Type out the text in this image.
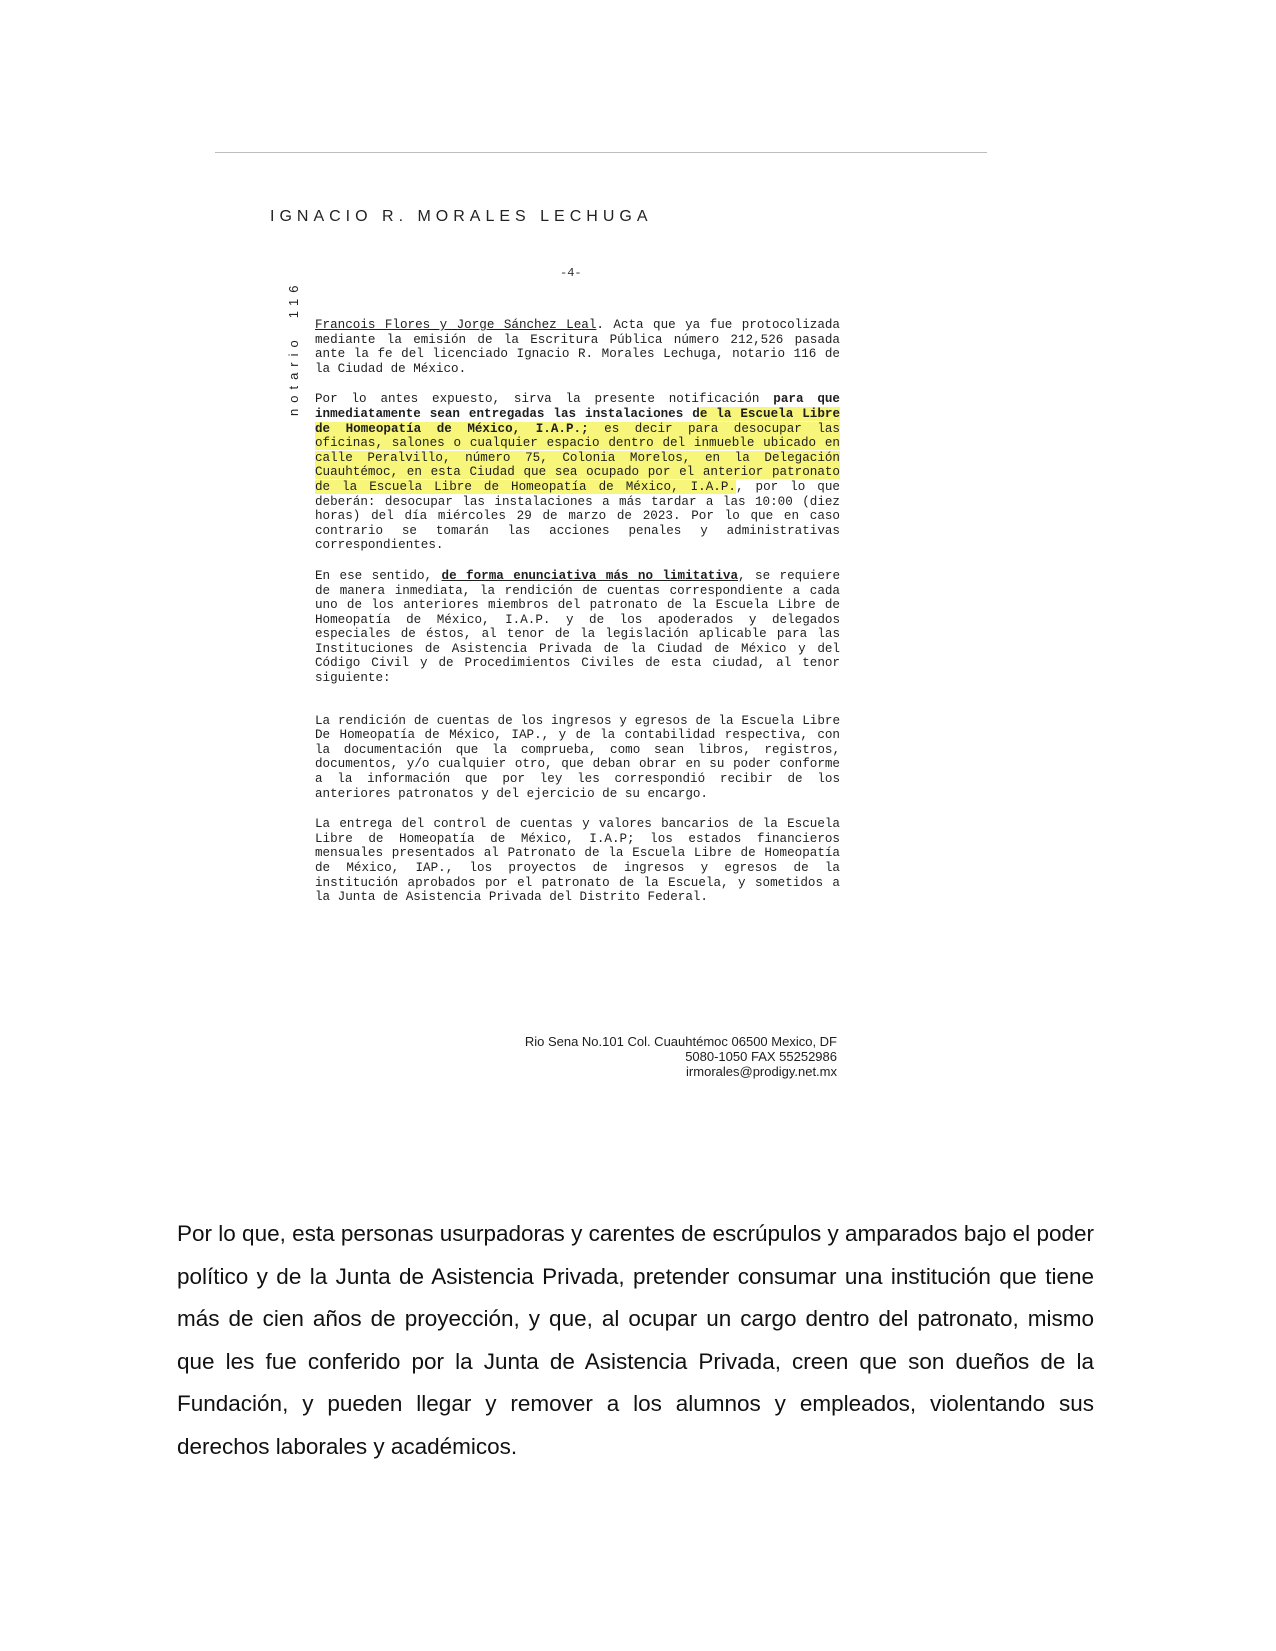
IGNACIO R. MORALES LECHUGA
notario
116
-4-

Francois Flores y Jorge Sánchez Leal. Acta que ya fue protocolizada mediante la emisión de la Escritura Pública número 212,526 pasada ante la fe del licenciado Ignacio R. Morales Lechuga, notario 116 de la Ciudad de México.

Por lo antes expuesto, sirva la presente notificación para que inmediatamente sean entregadas las instalaciones de la Escuela Libre de Homeopatía de México, I.A.P.; es decir para desocupar las oficinas, salones o cualquier espacio dentro del inmueble ubicado en calle Peralvillo, número 75, Colonia Morelos, en la Delegación Cuauhtémoc, en esta Ciudad que sea ocupado por el anterior patronato de la Escuela Libre de Homeopatía de México, I.A.P., por lo que deberán: desocupar las instalaciones a más tardar a las 10:00 (diez horas) del día miércoles 29 de marzo de 2023. Por lo que en caso contrario se tomarán las acciones penales y administrativas correspondientes.

En ese sentido, de forma enunciativa más no limitativa, se requiere de manera inmediata, la rendición de cuentas correspondiente a cada uno de los anteriores miembros del patronato de la Escuela Libre de Homeopatía de México, I.A.P. y de los apoderados y delegados especiales de éstos, al tenor de la legislación aplicable para las Instituciones de Asistencia Privada de la Ciudad de México y del Código Civil y de Procedimientos Civiles de esta ciudad, al tenor siguiente:

La rendición de cuentas de los ingresos y egresos de la Escuela Libre De Homeopatía de México, IAP., y de la contabilidad respectiva, con la documentación que la comprueba, como sean libros, registros, documentos, y/o cualquier otro, que deban obrar en su poder conforme a la información que por ley les correspondió recibir de los anteriores patronatos y del ejercicio de su encargo.

La entrega del control de cuentas y valores bancarios de la Escuela Libre de Homeopatía de México, I.A.P; los estados financieros mensuales presentados al Patronato de la Escuela Libre de Homeopatía de México, IAP., los proyectos de ingresos y egresos de la institución aprobados por el patronato de la Escuela, y sometidos a la Junta de Asistencia Privada del Distrito Federal.

Rio Sena No.101 Col. Cuauhtémoc 06500 Mexico, DF
5080-1050 FAX 55252986
irmorales@prodigy.net.mx
Por lo que, esta personas usurpadoras y carentes de escrúpulos y amparados bajo el poder político y de la Junta de Asistencia Privada, pretender consumar una institución que tiene más de cien años de proyección, y que, al ocupar un cargo dentro del patronato, mismo que les fue conferido por la Junta de Asistencia Privada, creen que son dueños de la Fundación, y pueden llegar y remover a los alumnos y empleados, violentando sus derechos laborales y académicos.
